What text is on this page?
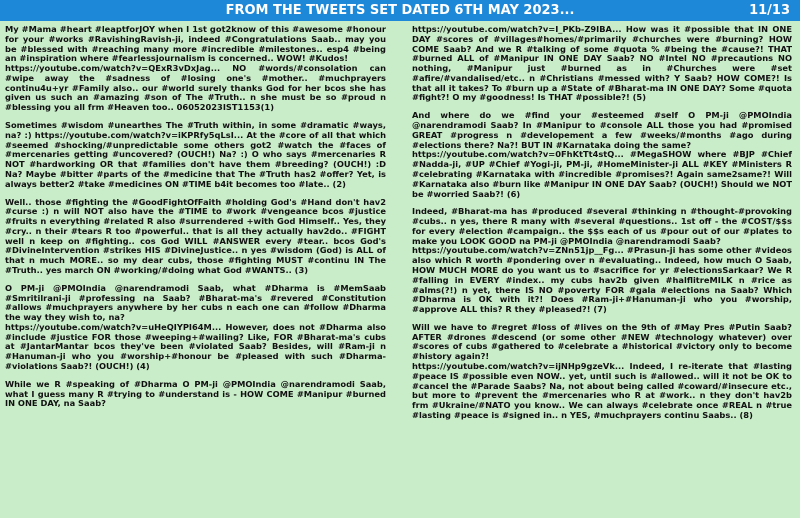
FROM THE TWEETS SET DATED 6TH MAY 2023...	11/13

My #Mama #heart #leaptforJOY when I 1st got2know of this #awesome #honour for your #works #RavishingRavish-ji, indeed #Congratulations Saab.. may you be #blessed with #reaching many more #incredible #milestones.. esp4 #being an #inspiration where #fearlessjournalism is concerned.. WOW! #Kudos!
https://youtube.com/watch?v=QExR3vDxJag... NO #words/#consolation can #wipe away the #sadness of #losing one's #mother.. #muchprayers continu4u+yr #Family also.. our #world surely thanks God for her bcos she has given us such an #amazing #son of The #Truth.. n she must be so #proud n #blessing you all frm #Heaven too.. 06052023IST1153(1)

Sometimes #wisdom #unearthes The #Truth within, in some #dramatic #ways, na? :) https://youtube.com/watch?v=iKPRfy5qLsI... At the #core of all that which #seemed #shocking/#unpredictable some others got2 #watch the #faces of #mercenaries getting #uncovered? (OUCH!) Na? :) O who says #mercenaries R NOT #hardworking OR that #families don't have them #breeding? (OUCH!) :D Na? Maybe #bitter #parts of the #medicine that The #Truth has2 #offer? Yet, is always better2 #take #medicines ON #TIME b4it becomes too #late.. (2)

Well.. those #fighting the #GoodFightOfFaith #holding God's #Hand don't hav2 #curse :) n will NOT also have the #TIME to #work #vengeance bcos #justice #fruits n everything #related R also #surrendered +with God Himself.. Yes, they #cry.. n their #tears R too #powerful.. that is all they actually hav2do.. #FIGHT well n keep on #fighting.. cos God WILL #ANSWER every #tear.. bcos God's #DivineIntervention #strikes HIS #DivineJustice.. n yes #wisdom (God) is ALL of that n much MORE.. so my dear cubs, those #fighting MUST #continu IN The #Truth.. yes march ON #working/#doing what God #WANTS.. (3)

O PM-ji @PMOIndia @narendramodi Saab, what #Dharma is #MemSaab #Smritilrani-ji #professing na Saab? #Bharat-ma's #revered #Constitution #allows #muchprayers anywhere by her cubs n each one can #follow #Dharma the way they wish to, na?
https://youtube.com/watch?v=uHeQIYPI64M... However, does not #Dharma also #include #justice FOR those #weeping+#wailing? Like, FOR #Bharat-ma's cubs at #JantarMantar bcos they've been #violated Saab? Besides, will #Ram-ji n #Hanuman-ji who you #worship+#honour be #pleased with such #Dharma-#violations Saab?! (OUCH!) (4)

While we R #speaking of #Dharma O PM-ji @PMOIndia @narendramodi Saab, what I guess many R #trying to #understand is - HOW COME #Manipur #burned IN ONE DAY, na Saab?

https://youtube.com/watch?v=I_PKb-Z9IBA... How was it #possible that IN ONE DAY #scores of #villages#homes/#primarily #churches were #burning? HOW COME Saab? And we R #talking of some #quota % #being the #cause?! THAT #burned ALL of #Manipur IN ONE DAY Saab? NO #Intel NO #precautions NO nothing, #Manipur just #burned as in #Churches were #set #afire/#vandalised/etc.. n #Christians #messed with? Y Saab? HOW COME?! Is that all it takes? To #burn up a #State of #Bharat-ma IN ONE DAY? Some #quota #fight?! O my #goodness! Is THAT #possible?! (5)

And where do we #find your #esteemed #self O PM-ji @PMOIndia @narendramodi Saab? In #Manipur to #console ALL those you had #promised GREAT #progress n #developement a few #weeks/#months #ago during #elections there? Na?! BUT IN #Karnataka doing the same?
https://youtube.com/watch?v=0FhKtTt4stQ... #MegaSHOW where #BJP #Chief #Nadda-ji, #UP #Chief #Yogi-ji, PM-ji, #HomeMinister-ji ALL #KEY #Ministers R #celebrating #Karnataka with #incredible #promises?! Again same2same?! Will #Karnataka also #burn like #Manipur IN ONE DAY Saab? (OUCH!) Should we NOT be #worried Saab?! (6)

Indeed, #Bharat-ma has #produced #several #thinking n #thought-#provoking #cubs.. n yes, there R many with #several #questions.. 1st off - the #COST/$$s for every #election #campaign.. the $$s each of us #pour out of our #plates to make you LOOK GOOD na PM-ji @PMOIndia @narendramodi Saab?
https://youtube.com/watch?v=ZNn51jp__Fg... #Prasun-ji has some other #videos also which R worth #pondering over n #evaluating.. Indeed, how much O Saab, HOW MUCH MORE do you want us to #sacrifice for yr #electionsSarkaar? We R #falling in EVERY #index.. my cubs hav2b given #halflitreMILK n #rice as #alms(?!) n yet, there IS NO #poverty FOR #gala #elections na Saab? Which #Dharma is OK with it?! Does #Ram-ji+#Hanuman-ji who you #worship, #approve ALL this? R they #pleased?! (7)

Will we have to #regret #loss of #lives on the 9th of #May Pres #Putin Saab? AFTER #drones #descend (or some other #NEW #technology whatever) over #scores of cubs #gathered to #celebrate a #historical #victory only to become #history again?!
https://youtube.com/watch?v=ijNHp9gzeVk... Indeed, I re-iterate that #lasting #peace IS #possible even NOW.. yet, until such is #allowed.. will it not be OK to #cancel the #Parade Saabs? Na, not about being called #coward/#insecure etc., but more to #prevent the #mercenaries who R at #work.. n they don't hav2b frm #Ukraine/#NATO you know.. We can always #celebrate once #REAL n #true #lasting #peace is #signed in.. n YES, #muchprayers continu Saabs.. (8)
